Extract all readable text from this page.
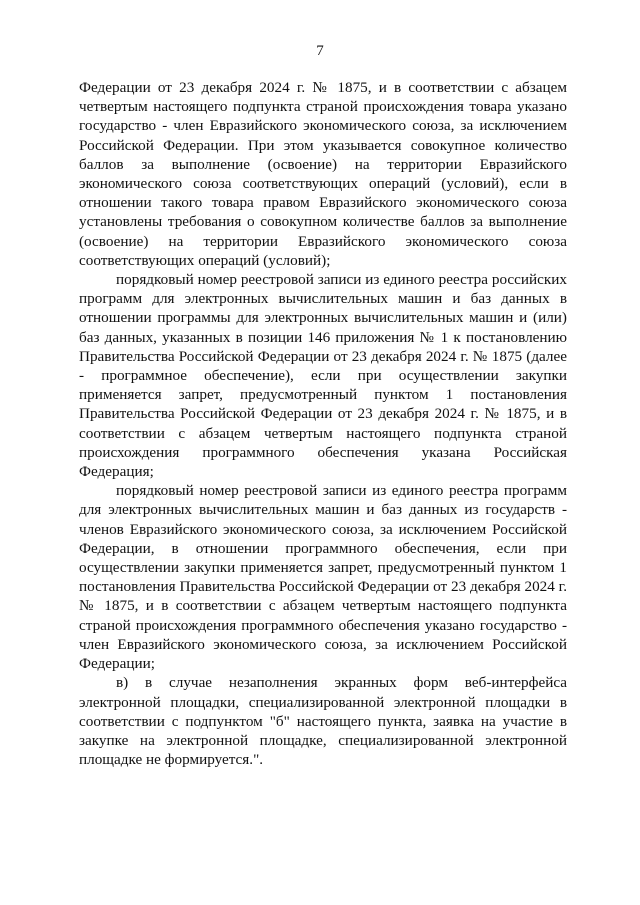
7

Федерации от 23 декабря 2024 г. № 1875, и в соответствии с абзацем четвертым настоящего подпункта страной происхождения товара указано государство - член Евразийского экономического союза, за исключением Российской Федерации. При этом указывается совокупное количество баллов за выполнение (освоение) на территории Евразийского экономического союза соответствующих операций (условий), если в отношении такого товара правом Евразийского экономического союза установлены требования о совокупном количестве баллов за выполнение (освоение) на территории Евразийского экономического союза соответствующих операций (условий);

порядковый номер реестровой записи из единого реестра российских программ для электронных вычислительных машин и баз данных в отношении программы для электронных вычислительных машин и (или) баз данных, указанных в позиции 146 приложения № 1 к постановлению Правительства Российской Федерации от 23 декабря 2024 г. № 1875 (далее - программное обеспечение), если при осуществлении закупки применяется запрет, предусмотренный пунктом 1 постановления Правительства Российской Федерации от 23 декабря 2024 г. № 1875, и в соответствии с абзацем четвертым настоящего подпункта страной происхождения программного обеспечения указана Российская Федерация;

порядковый номер реестровой записи из единого реестра программ для электронных вычислительных машин и баз данных из государств - членов Евразийского экономического союза, за исключением Российской Федерации, в отношении программного обеспечения, если при осуществлении закупки применяется запрет, предусмотренный пунктом 1 постановления Правительства Российской Федерации от 23 декабря 2024 г. № 1875, и в соответствии с абзацем четвертым настоящего подпункта страной происхождения программного обеспечения указано государство - член Евразийского экономического союза, за исключением Российской Федерации;

в) в случае незаполнения экранных форм веб-интерфейса электронной площадки, специализированной электронной площадки в соответствии с подпунктом "б" настоящего пункта, заявка на участие в закупке на электронной площадке, специализированной электронной площадке не формируется.".
